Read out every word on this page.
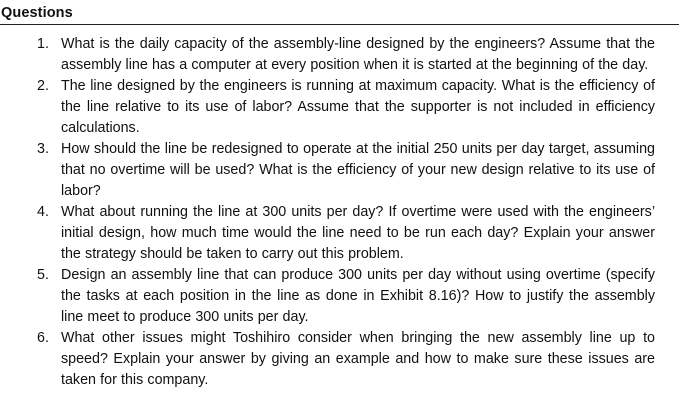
Questions
1. What is the daily capacity of the assembly-line designed by the engineers? Assume that the assembly line has a computer at every position when it is started at the beginning of the day.
2. The line designed by the engineers is running at maximum capacity. What is the efficiency of the line relative to its use of labor? Assume that the supporter is not included in efficiency calculations.
3. How should the line be redesigned to operate at the initial 250 units per day target, assuming that no overtime will be used? What is the efficiency of your new design relative to its use of labor?
4. What about running the line at 300 units per day? If overtime were used with the engineers’ initial design, how much time would the line need to be run each day? Explain your answer the strategy should be taken to carry out this problem.
5. Design an assembly line that can produce 300 units per day without using overtime (specify the tasks at each position in the line as done in Exhibit 8.16)? How to justify the assembly line meet to produce 300 units per day.
6. What other issues might Toshihiro consider when bringing the new assembly line up to speed? Explain your answer by giving an example and how to make sure these issues are taken for this company.
